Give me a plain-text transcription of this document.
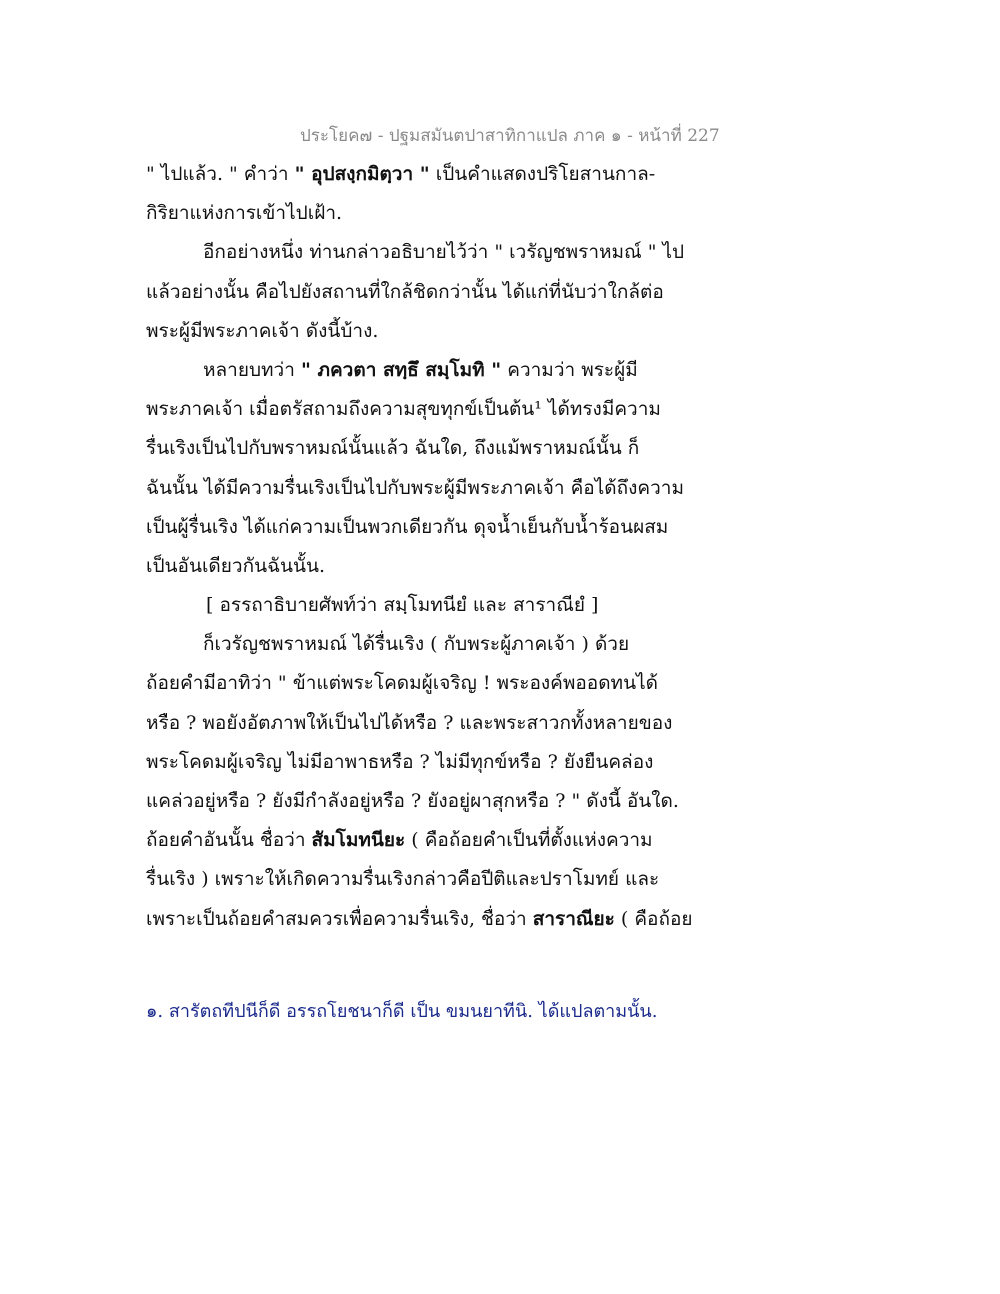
ประโยค๗ - ปฐมสมันตปาสาทิกาแปล ภาค ๑ - หน้าที่ 227
" ไปแล้ว. " คำว่า " อุปสงฺกมิตฺวา " เป็นคำแสดงปริโยสานกาล-
กิริยาแห่งการเข้าไปเฝ้า.
อีกอย่างหนึ่ง ท่านกล่าวอธิบายไว้ว่า " เวรัญชพราหมณ์ " ไป
แล้วอย่างนั้น คือไปยังสถานที่ใกล้ชิดกว่านั้น ได้แก่ที่นับว่าใกล้ต่อ
พระผู้มีพระภาคเจ้า ดังนี้บ้าง.
หลายบทว่า " ภควตา สทฺธึ สมฺโมทิ " ความว่า พระผู้มี
พระภาคเจ้า เมื่อตรัสถามถึงความสุขทุกข์เป็นต้น¹ ได้ทรงมีความ
รื่นเริงเป็นไปกับพราหมณ์นั้นแล้ว ฉันใด, ถึงแม้พราหมณ์นั้น ก็
ฉันนั้น ได้มีความรื่นเริงเป็นไปกับพระผู้มีพระภาคเจ้า คือได้ถึงความ
เป็นผู้รื่นเริง ได้แก่ความเป็นพวกเดียวกัน ดุจน้ำเย็นกับน้ำร้อนผสม
เป็นอันเดียวกันฉันนั้น.
[ อรรถาธิบายศัพท์ว่า สมฺโมทนียํ และ สาราณียํ ]
ก็เวรัญชพราหมณ์ ได้รื่นเริง ( กับพระผู้ภาคเจ้า ) ด้วย
ถ้อยคำมีอาทิว่า " ข้าแต่พระโคดมผู้เจริญ ! พระองค์พออดทนได้
หรือ ? พอยังอัตภาพให้เป็นไปได้หรือ ? และพระสาวกทั้งหลายของ
พระโคดมผู้เจริญ ไม่มีอาพาธหรือ ? ไม่มีทุกข์หรือ ? ยังยืนคล่อง
แคล่วอยู่หรือ ? ยังมีกำลังอยู่หรือ ? ยังอยู่ผาสุกหรือ ? " ดังนี้ อันใด.
ถ้อยคำอันนั้น ชื่อว่า สัมโมทนียะ ( คือถ้อยคำเป็นที่ตั้งแห่งความ
รื่นเริง ) เพราะให้เกิดความรื่นเริงกล่าวคือปีติและปราโมทย์ และ
เพราะเป็นถ้อยคำสมควรเพื่อความรื่นเริง, ชื่อว่า สาราณียะ ( คือถ้อย
๑. สารัตถทีปนีก็ดี อรรถโยชนาก็ดี เป็น ขมนยาทีนิ. ได้แปลตามนั้น.
